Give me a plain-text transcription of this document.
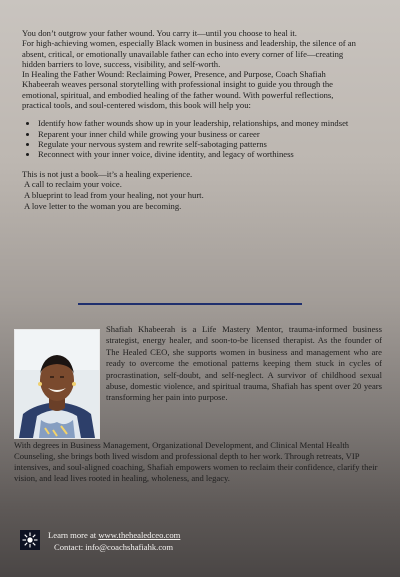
You don’t outgrow your father wound. You carry it—until you choose to heal it.

For high-achieving women, especially Black women in business and leadership, the silence of an absent, critical, or emotionally unavailable father can echo into every corner of life—creating hidden barriers to love, success, visibility, and self-worth.

In Healing the Father Wound: Reclaiming Power, Presence, and Purpose, Coach Shafiah Khabeerah weaves personal storytelling with professional insight to guide you through the emotional, spiritual, and embodied healing of the father wound. With powerful reflections, practical tools, and soul-centered wisdom, this book will help you:

• Identify how father wounds show up in your leadership, relationships, and money mindset
• Reparent your inner child while growing your business or career
• Regulate your nervous system and rewrite self-sabotaging patterns
• Reconnect with your inner voice, divine identity, and legacy of worthiness
This is not just a book—it’s a healing experience.
A call to reclaim your voice.
A blueprint to lead from your healing, not your hurt.
A love letter to the woman you are becoming.
Shafiah Khabeerah is a Life Mastery Mentor, trauma-informed business strategist, energy healer, and soon-to-be licensed therapist. As the founder of The Healed CEO, she supports women in business and management who are ready to overcome the emotional patterns keeping them stuck in cycles of procrastination, self-doubt, and self-neglect. A survivor of childhood sexual abuse, domestic violence, and spiritual trauma, Shafiah has spent over 20 years transforming her pain into purpose.
With degrees in Business Management, Organizational Development, and Clinical Mental Health Counseling, she brings both lived wisdom and professional depth to her work. Through retreats, VIP intensives, and soul-aligned coaching, Shafiah empowers women to reclaim their confidence, clarify their vision, and lead lives rooted in healing, wholeness, and legacy.
Learn more at www.thehealedceo.com
Contact: info@coachshafiahk.com
